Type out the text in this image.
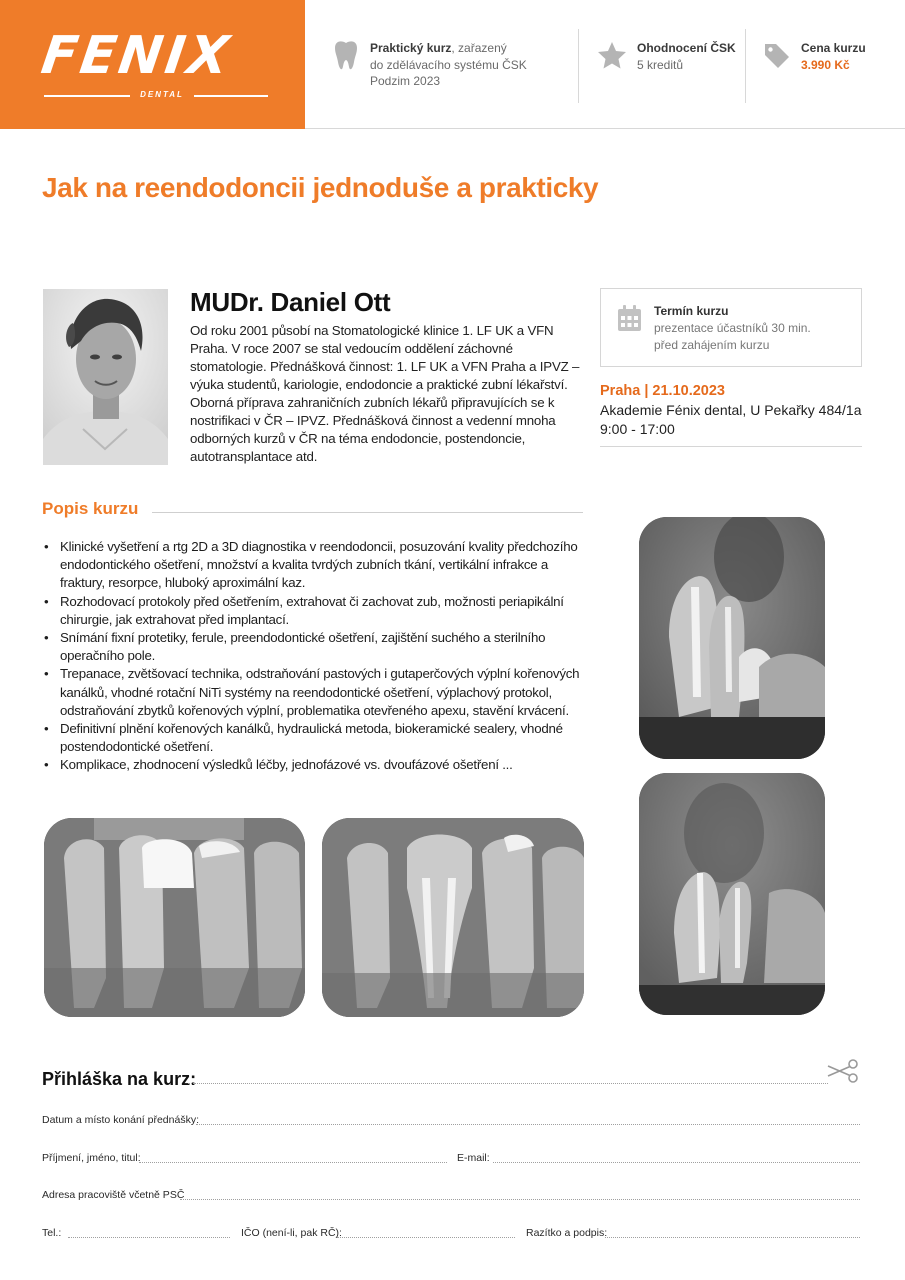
FENIX
DENTAL
Praktický kurz, zařazený
do zdělávacího systému ČSK
Podzim 2023
Ohodnocení ČSK
5 kreditů
Cena kurzu
3.990 Kč
Jak na reendodoncii jednoduše a prakticky
MUDr. Daniel Ott
Od roku 2001 působí na Stomatologické klinice 1. LF UK a VFN Praha. V roce 2007 se stal vedoucím oddělení záchovné stomatologie. Přednášková činnost: 1. LF UK a VFN Praha a IPVZ – výuka studentů, kariologie, endodoncie a praktické zubní lékařství. Oborná příprava zahraničních zubních lékařů připravujících se k nostrifikaci v ČR – IPVZ. Přednášková činnost a vedenní mnoha odborných kurzů v ČR na téma endodoncie, postendoncie, autotransplantace atd.
Termín kurzu
prezentace účastníků 30 min.
před zahájením kurzu
Praha | 21.10.2023
Akademie Fénix dental, U Pekařky 484/1a
9:00 - 17:00
Popis kurzu
• Klinické vyšetření a rtg 2D a 3D diagnostika v reendodoncii, posuzování kvality předchozího endodontického ošetření, množství a kvalita tvrdých zubních tkání, vertikální infrakce a fraktury, resorpce, hluboký aproximální kaz.
• Rozhodovací protokoly před ošetřením, extrahovat či zachovat zub, možnosti periapikální chirurgie, jak extrahovat před implantací.
• Snímání fixní protetiky, ferule, preendodontické ošetření, zajištění suchého a sterilního operačního pole.
• Trepanace, zvětšovací technika, odstraňování pastových i gutaperčových výplní kořenových kanálků, vhodné rotační NiTi systémy na reendodontické ošetření, výplachový protokol, odstraňování zbytků kořenových výplní, problematika otevřeného apexu, stavění krvácení.
• Definitivní plnění kořenových kanálků, hydraulická metoda, biokeramické sealery, vhodné postendodontické ošetření.
• Komplikace, zhodnocení výsledků léčby, jednofázové vs. dvoufázové ošetření ...
Přihláška na kurz:
Datum a místo konání přednášky:
Příjmení, jméno, titul:	E-mail:
Adresa pracoviště včetně PSČ
Tel.:	IČO (není-li, pak RČ):	Razítko a podpis:
